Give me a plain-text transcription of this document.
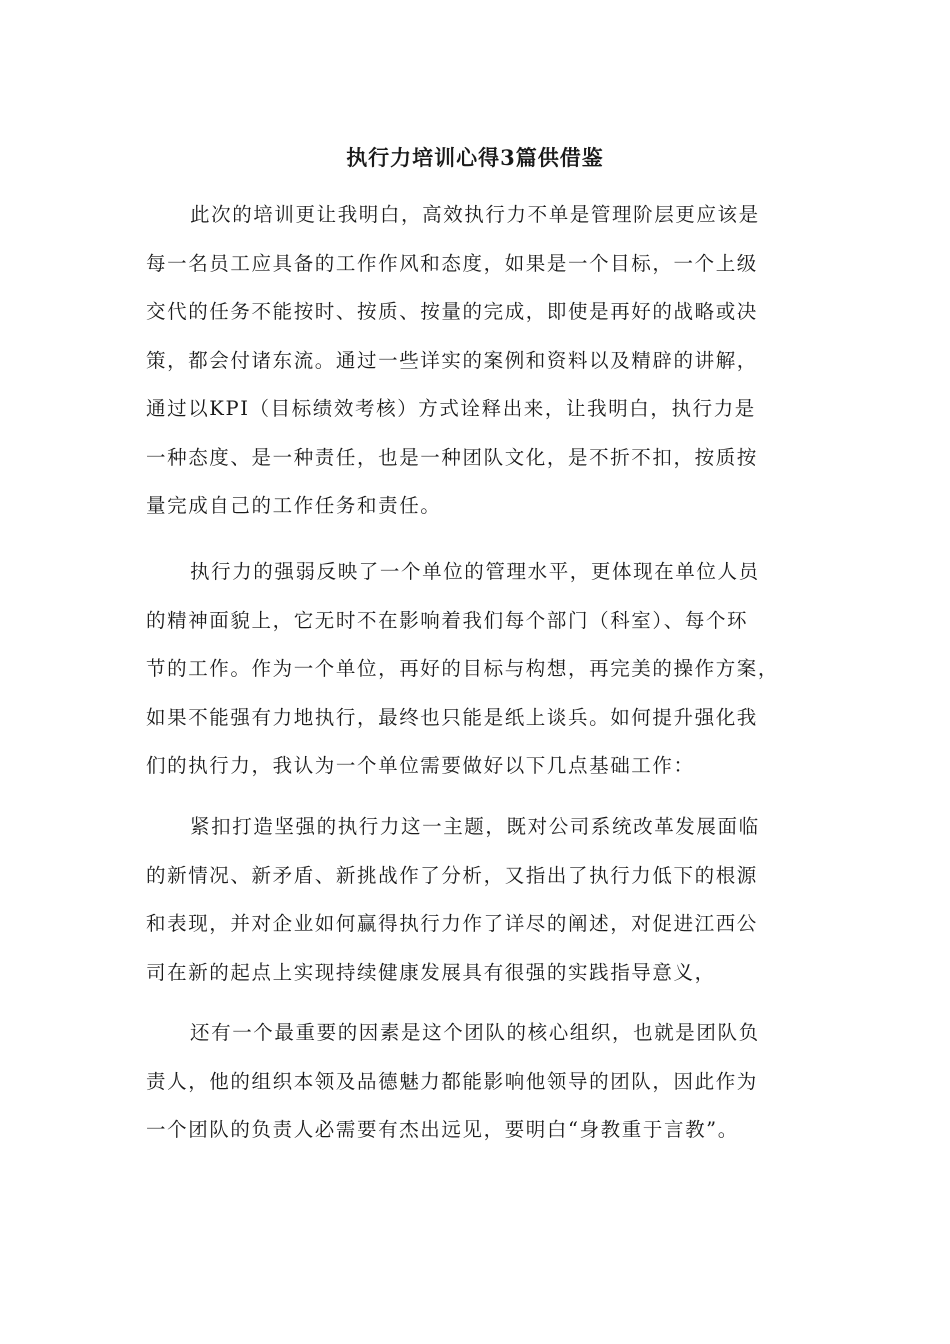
执行力培训心得3篇供借鉴
此次的培训更让我明白，高效执行力不单是管理阶层更应该是
每一名员工应具备的工作作风和态度，如果是一个目标，一个上级
交代的任务不能按时、按质、按量的完成，即使是再好的战略或决
策，都会付诸东流。通过一些详实的案例和资料以及精辟的讲解，
通过以KPI（目标绩效考核）方式诠释出来，让我明白，执行力是
一种态度、是一种责任，也是一种团队文化，是不折不扣，按质按
量完成自己的工作任务和责任。
执行力的强弱反映了一个单位的管理水平，更体现在单位人员
的精神面貌上，它无时不在影响着我们每个部门（科室）、每个环
节的工作。作为一个单位，再好的目标与构想，再完美的操作方案，
如果不能强有力地执行，最终也只能是纸上谈兵。如何提升强化我
们的执行力，我认为一个单位需要做好以下几点基础工作：
紧扣打造坚强的执行力这一主题，既对公司系统改革发展面临
的新情况、新矛盾、新挑战作了分析，又指出了执行力低下的根源
和表现，并对企业如何赢得执行力作了详尽的阐述，对促进江西公
司在新的起点上实现持续健康发展具有很强的实践指导意义，
还有一个最重要的因素是这个团队的核心组织，也就是团队负
责人，他的组织本领及品德魅力都能影响他领导的团队，因此作为
一个团队的负责人必需要有杰出远见，要明白“身教重于言教”。
